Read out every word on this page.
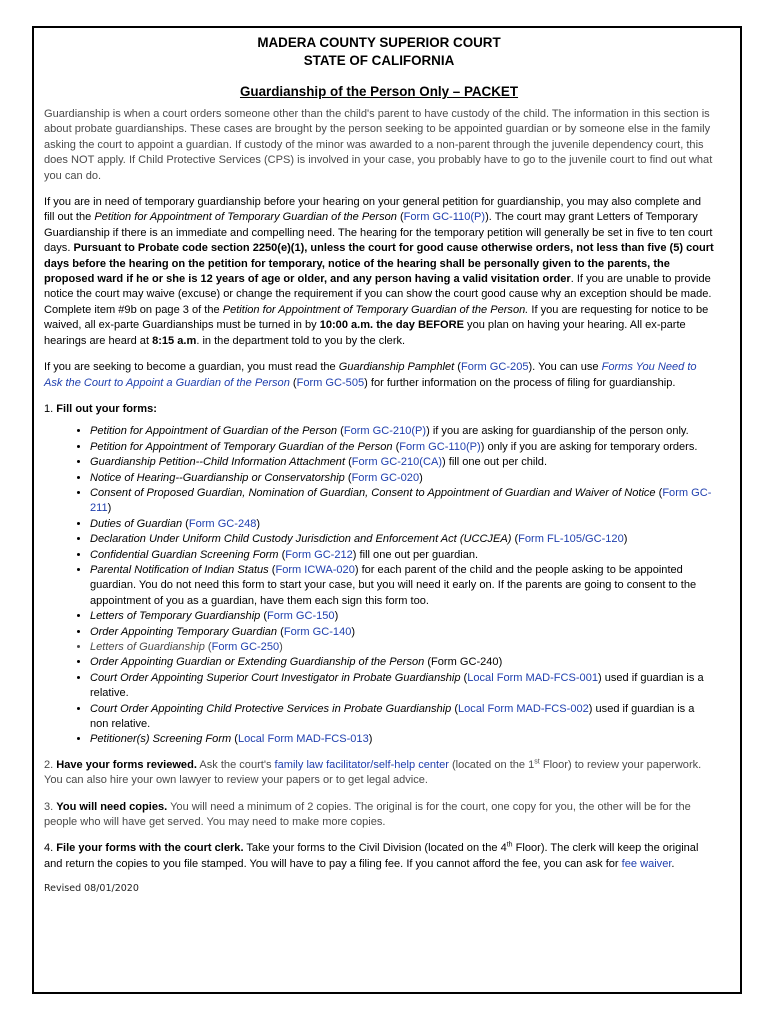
MADERA COUNTY SUPERIOR COURT
STATE OF CALIFORNIA
Guardianship of the Person Only – PACKET

Guardianship is when a court orders someone other than the child's parent to have custody of the child. The information in this section is about probate guardianships. These cases are brought by the person seeking to be appointed guardian or by someone else in the family asking the court to appoint a guardian. If custody of the minor was awarded to a non-parent through the juvenile dependency court, this does NOT apply. If Child Protective Services (CPS) is involved in your case, you probably have to go to the juvenile court to find out what you can do.

If you are in need of temporary guardianship before your hearing on your general petition for guardianship, you may also complete and fill out the Petition for Appointment of Temporary Guardian of the Person (Form GC-110(P)). The court may grant Letters of Temporary Guardianship if there is an immediate and compelling need. The hearing for the temporary petition will generally be set in five to ten court days. Pursuant to Probate code section 2250(e)(1), unless the court for good cause otherwise orders, not less than five (5) court days before the hearing on the petition for temporary, notice of the hearing shall be personally given to the parents, the proposed ward if he or she is 12 years of age or older, and any person having a valid visitation order. If you are unable to provide notice the court may waive (excuse) or change the requirement if you can show the court good cause why an exception should be made. Complete item #9b on page 3 of the Petition for Appointment of Temporary Guardian of the Person. If you are requesting for notice to be waived, all ex-parte Guardianships must be turned in by 10:00 a.m. the day BEFORE you plan on having your hearing. All ex-parte hearings are heard at 8:15 a.m. in the department told to you by the clerk.

If you are seeking to become a guardian, you must read the Guardianship Pamphlet (Form GC-205). You can use Forms You Need to Ask the Court to Appoint a Guardian of the Person (Form GC-505) for further information on the process of filing for guardianship.

1. Fill out your forms:

• Petition for Appointment of Guardian of the Person (Form GC-210(P)) if you are asking for guardianship of the person only.
• Petition for Appointment of Temporary Guardian of the Person (Form GC-110(P)) only if you are asking for temporary orders.
• Guardianship Petition--Child Information Attachment (Form GC-210(CA)) fill one out per child.
• Notice of Hearing--Guardianship or Conservatorship (Form GC-020)
• Consent of Proposed Guardian, Nomination of Guardian, Consent to Appointment of Guardian and Waiver of Notice (Form GC-211)
• Duties of Guardian (Form GC-248)
• Declaration Under Uniform Child Custody Jurisdiction and Enforcement Act (UCCJEA) (Form FL-105/GC-120)
• Confidential Guardian Screening Form (Form GC-212) fill one out per guardian.
• Parental Notification of Indian Status (Form ICWA-020) for each parent of the child and the people asking to be appointed guardian. You do not need this form to start your case, but you will need it early on. If the parents are going to consent to the appointment of you as a guardian, have them each sign this form too.
• Letters of Temporary Guardianship (Form GC-150)
• Order Appointing Temporary Guardian (Form GC-140)
• Letters of Guardianship (Form GC-250)
• Order Appointing Guardian or Extending Guardianship of the Person (Form GC-240)
• Court Order Appointing Superior Court Investigator in Probate Guardianship (Local Form MAD-FCS-001) used if guardian is a relative.
• Court Order Appointing Child Protective Services in Probate Guardianship (Local Form MAD-FCS-002) used if guardian is a non relative.
• Petitioner(s) Screening Form (Local Form MAD-FCS-013)

2. Have your forms reviewed. Ask the court's family law facilitator/self-help center (located on the 1st Floor) to review your paperwork. You can also hire your own lawyer to review your papers or to get legal advice.

3. You will need copies. You will need a minimum of 2 copies. The original is for the court, one copy for you, the other will be for the people who will have get served. You may need to make more copies.

4. File your forms with the court clerk. Take your forms to the Civil Division (located on the 4th Floor). The clerk will keep the original and return the copies to you file stamped. You will have to pay a filing fee. If you cannot afford the fee, you can ask for fee waiver.

Revised 08/01/2020
